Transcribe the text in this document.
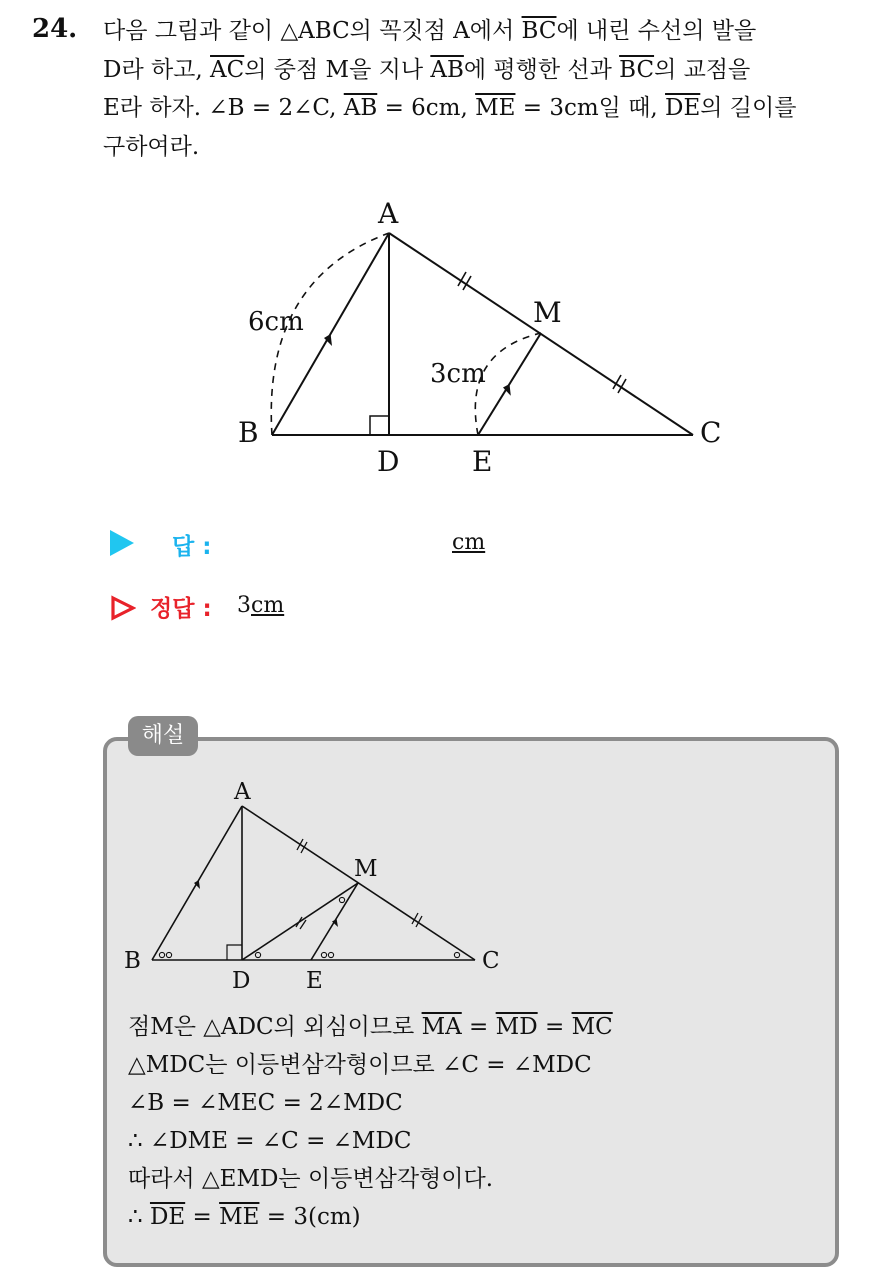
24. 다음 그림과 같이 △ABC의 꼭짓점 A에서 $\overline{BC}$에 내린 수선의 발을
D라 하고, $\overline{AC}$의 중점 M을 지나 $\overline{AB}$에 평행한 선과 $\overline{BC}$의 교점을
E라 하자. ∠B = 2∠C, $\overline{AB} = 6cm$, $\overline{ME} = 3cm$일 때, $\overline{DE}$의 길이를
구하여라.
A
B	C
D	E
M
6cm
3cm
답 :	cm
정답 : 3cm
해설
A
B	C
D E
M
점M은 △ADC의 외심이므로 $\overline{MA} = \overline{MD} = \overline{MC}$
△MDC는 이등변삼각형이므로 ∠C = ∠MDC
∠B = ∠MEC = 2∠MDC
∴ ∠DME = ∠C = ∠MDC
따라서 △EMD는 이등변삼각형이다.
∴ $\overline{DE} = \overline{ME} = 3(cm)$
